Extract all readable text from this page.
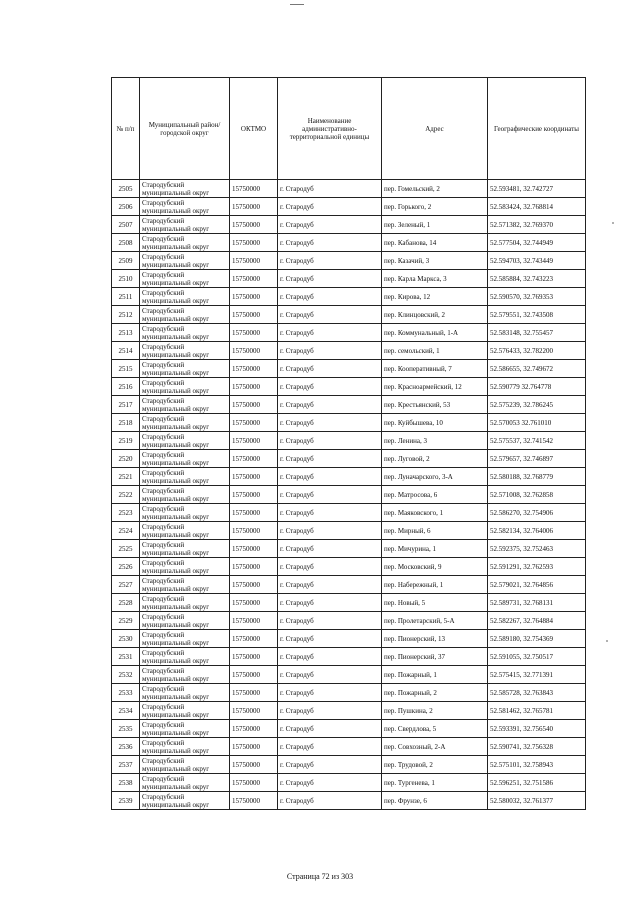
№ п/п	Муниципальный район/городской округ	ОКТМО	Наименование административно-территориальной единицы	Адрес	Географические координаты
2505	Стародубский
муниципальный округ	15750000	г. Стародуб	пер. Гомельский, 2	52.593481, 32.742727
2506	Стародубский
муниципальный округ	15750000	г. Стародуб	пер. Горького, 2	52.583424, 32.768814
2507	Стародубский
муниципальный округ	15750000	г. Стародуб	пер. Зеленый, 1	52.571382, 32.769370
2508	Стародубский
муниципальный округ	15750000	г. Стародуб	пер. Кабанова, 14	52.577504, 32.744949
2509	Стародубский
муниципальный округ	15750000	г. Стародуб	пер. Казачий, 3	52.594703, 32.743449
2510	Стародубский
муниципальный округ	15750000	г. Стародуб	пер. Карла Маркса, 3	52.585884, 32.743223
2511	Стародубский
муниципальный округ	15750000	г. Стародуб	пер. Кирова, 12	52.590570, 32.769353
2512	Стародубский
муниципальный округ	15750000	г. Стародуб	пер. Клинцовский, 2	52.579551, 32.743508
2513	Стародубский
муниципальный округ	15750000	г. Стародуб	пер. Коммунальный, 1-А	52.583148, 32.755457
2514	Стародубский
муниципальный округ	15750000	г. Стародуб	пер. семольский, 1	52.576433, 32.782200
2515	Стародубский
муниципальный округ	15750000	г. Стародуб	пер. Кооперативный, 7	52.586655, 32.749672
2516	Стародубский
муниципальный округ	15750000	г. Стародуб	пер. Красноармейский, 12	52.590779 32.764778
2517	Стародубский
муниципальный округ	15750000	г. Стародуб	пер. Крестьянский, 53	52.575239, 32.786245
2518	Стародубский
муниципальный округ	15750000	г. Стародуб	пер. Куйбышева, 10	52.570053 32.761010
2519	Стародубский
муниципальный округ	15750000	г. Стародуб	пер. Ленина, 3	52.575537, 32.741542
2520	Стародубский
муниципальный округ	15750000	г. Стародуб	пер. Луговой, 2	52.579657, 32.746897
2521	Стародубский
муниципальный округ	15750000	г. Стародуб	пер. Луначарского, 3-А	52.580188, 32.768779
2522	Стародубский
муниципальный округ	15750000	г. Стародуб	пер. Матросова, 6	52.571008, 32.762858
2523	Стародубский
муниципальный округ	15750000	г. Стародуб	пер. Маяковского, 1	52.586270, 32.754906
2524	Стародубский
муниципальный округ	15750000	г. Стародуб	пер. Мирный, 6	52.582134, 32.764006
2525	Стародубский
муниципальный округ	15750000	г. Стародуб	пер. Мичурина, 1	52.592375, 32.752463
2526	Стародубский
муниципальный округ	15750000	г. Стародуб	пер. Московский, 9	52.591291, 32.762593
2527	Стародубский
муниципальный округ	15750000	г. Стародуб	пер. Набережный, 1	52.579021, 32.764856
2528	Стародубский
муниципальный округ	15750000	г. Стародуб	пер. Новый, 5	52.589731, 32.768131
2529	Стародубский
муниципальный округ	15750000	г. Стародуб	пер. Пролетарский, 5-А	52.582267, 32.764884
2530	Стародубский
муниципальный округ	15750000	г. Стародуб	пер. Пионерский, 13	52.589180, 32.754369
2531	Стародубский
муниципальный округ	15750000	г. Стародуб	пер. Пионерский, 37	52.591055, 32.750517
2532	Стародубский
муниципальный округ	15750000	г. Стародуб	пер. Пожарный, 1	52.575415, 32.771391
2533	Стародубский
муниципальный округ	15750000	г. Стародуб	пер. Пожарный, 2	52.585728, 32.763843
2534	Стародубский
муниципальный округ	15750000	г. Стародуб	пер. Пушкина, 2	52.581462, 32.765781
2535	Стародубский
муниципальный округ	15750000	г. Стародуб	пер. Свердлова, 5	52.593391, 32.756540
2536	Стародубский
муниципальный округ	15750000	г. Стародуб	пер. Совхозный, 2-А	52.590741, 32.756328
2537	Стародубский
муниципальный округ	15750000	г. Стародуб	пер. Трудовой, 2	52.575101, 32.758943
2538	Стародубский
муниципальный округ	15750000	г. Стародуб	пер. Тургенева, 1	52.596251, 32.751586
2539	Стародубский
муниципальный округ	15750000	г. Стародуб	пер. Фрунзе, 6	52.580032, 32.761377
Страница 72 из 303
